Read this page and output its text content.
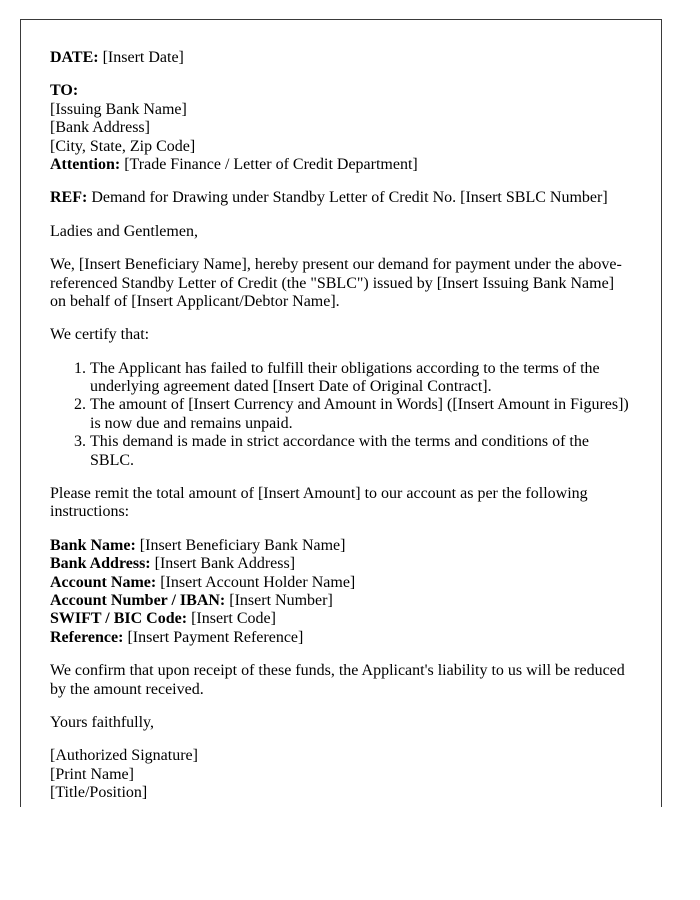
DATE: [Insert Date]

TO:
[Issuing Bank Name]
[Bank Address]
[City, State, Zip Code]
Attention: [Trade Finance / Letter of Credit Department]

REF: Demand for Drawing under Standby Letter of Credit No. [Insert SBLC Number]

Ladies and Gentlemen,

We, [Insert Beneficiary Name], hereby present our demand for payment under the above-referenced Standby Letter of Credit (the "SBLC") issued by [Insert Issuing Bank Name] on behalf of [Insert Applicant/Debtor Name].

We certify that:

1. The Applicant has failed to fulfill their obligations according to the terms of the underlying agreement dated [Insert Date of Original Contract].
2. The amount of [Insert Currency and Amount in Words] ([Insert Amount in Figures]) is now due and remains unpaid.
3. This demand is made in strict accordance with the terms and conditions of the SBLC.

Please remit the total amount of [Insert Amount] to our account as per the following instructions:

Bank Name: [Insert Beneficiary Bank Name]
Bank Address: [Insert Bank Address]
Account Name: [Insert Account Holder Name]
Account Number / IBAN: [Insert Number]
SWIFT / BIC Code: [Insert Code]
Reference: [Insert Payment Reference]

We confirm that upon receipt of these funds, the Applicant's liability to us will be reduced by the amount received.

Yours faithfully,

[Authorized Signature]
[Print Name]
[Title/Position]
